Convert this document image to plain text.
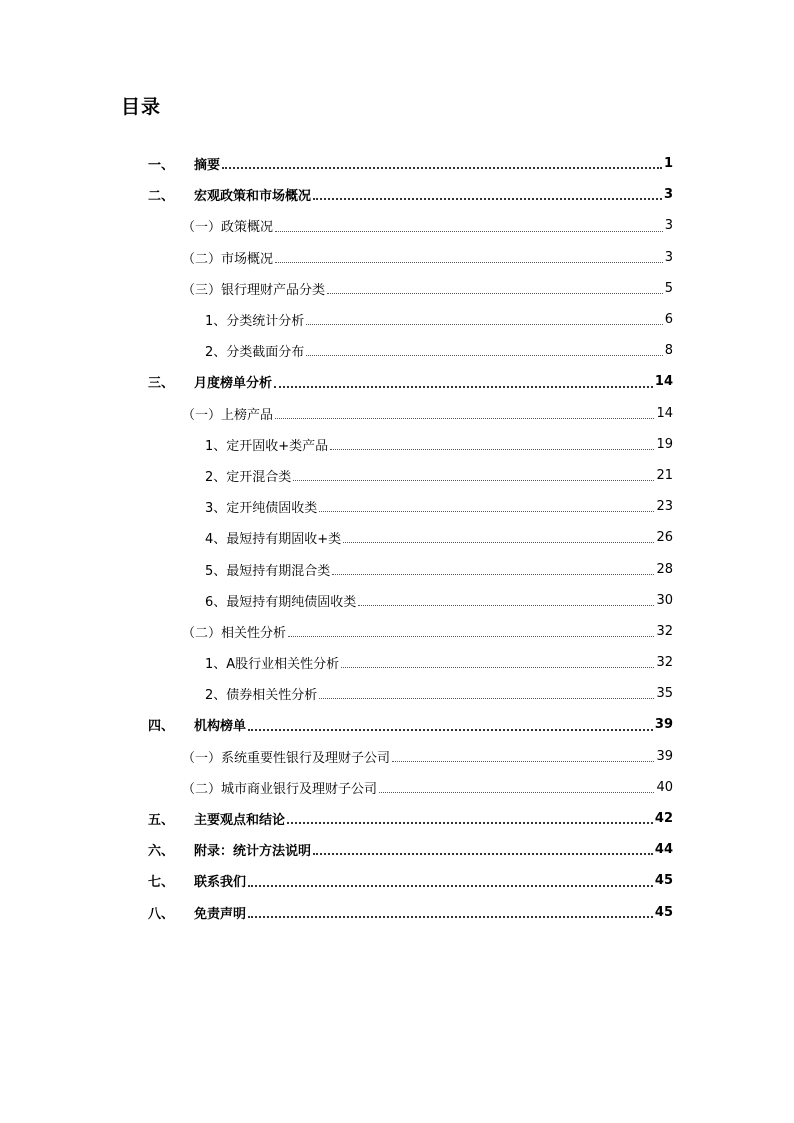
目录
一、	摘要	1
二、	宏观政策和市场概况	3
（一）政策概况	3
（二）市场概况	3
（三）银行理财产品分类	5
1、分类统计分析	6
2、分类截面分布	8
三、	月度榜单分析	14
（一）上榜产品	14
1、定开固收+类产品	19
2、定开混合类	21
3、定开纯债固收类	23
4、最短持有期固收+类	26
5、最短持有期混合类	28
6、最短持有期纯债固收类	30
（二）相关性分析	32
1、A股行业相关性分析	32
2、债券相关性分析	35
四、	机构榜单	39
（一）系统重要性银行及理财子公司	39
（二）城市商业银行及理财子公司	40
五、	主要观点和结论	42
六、	附录：统计方法说明	44
七、	联系我们	45
八、	免责声明	45
